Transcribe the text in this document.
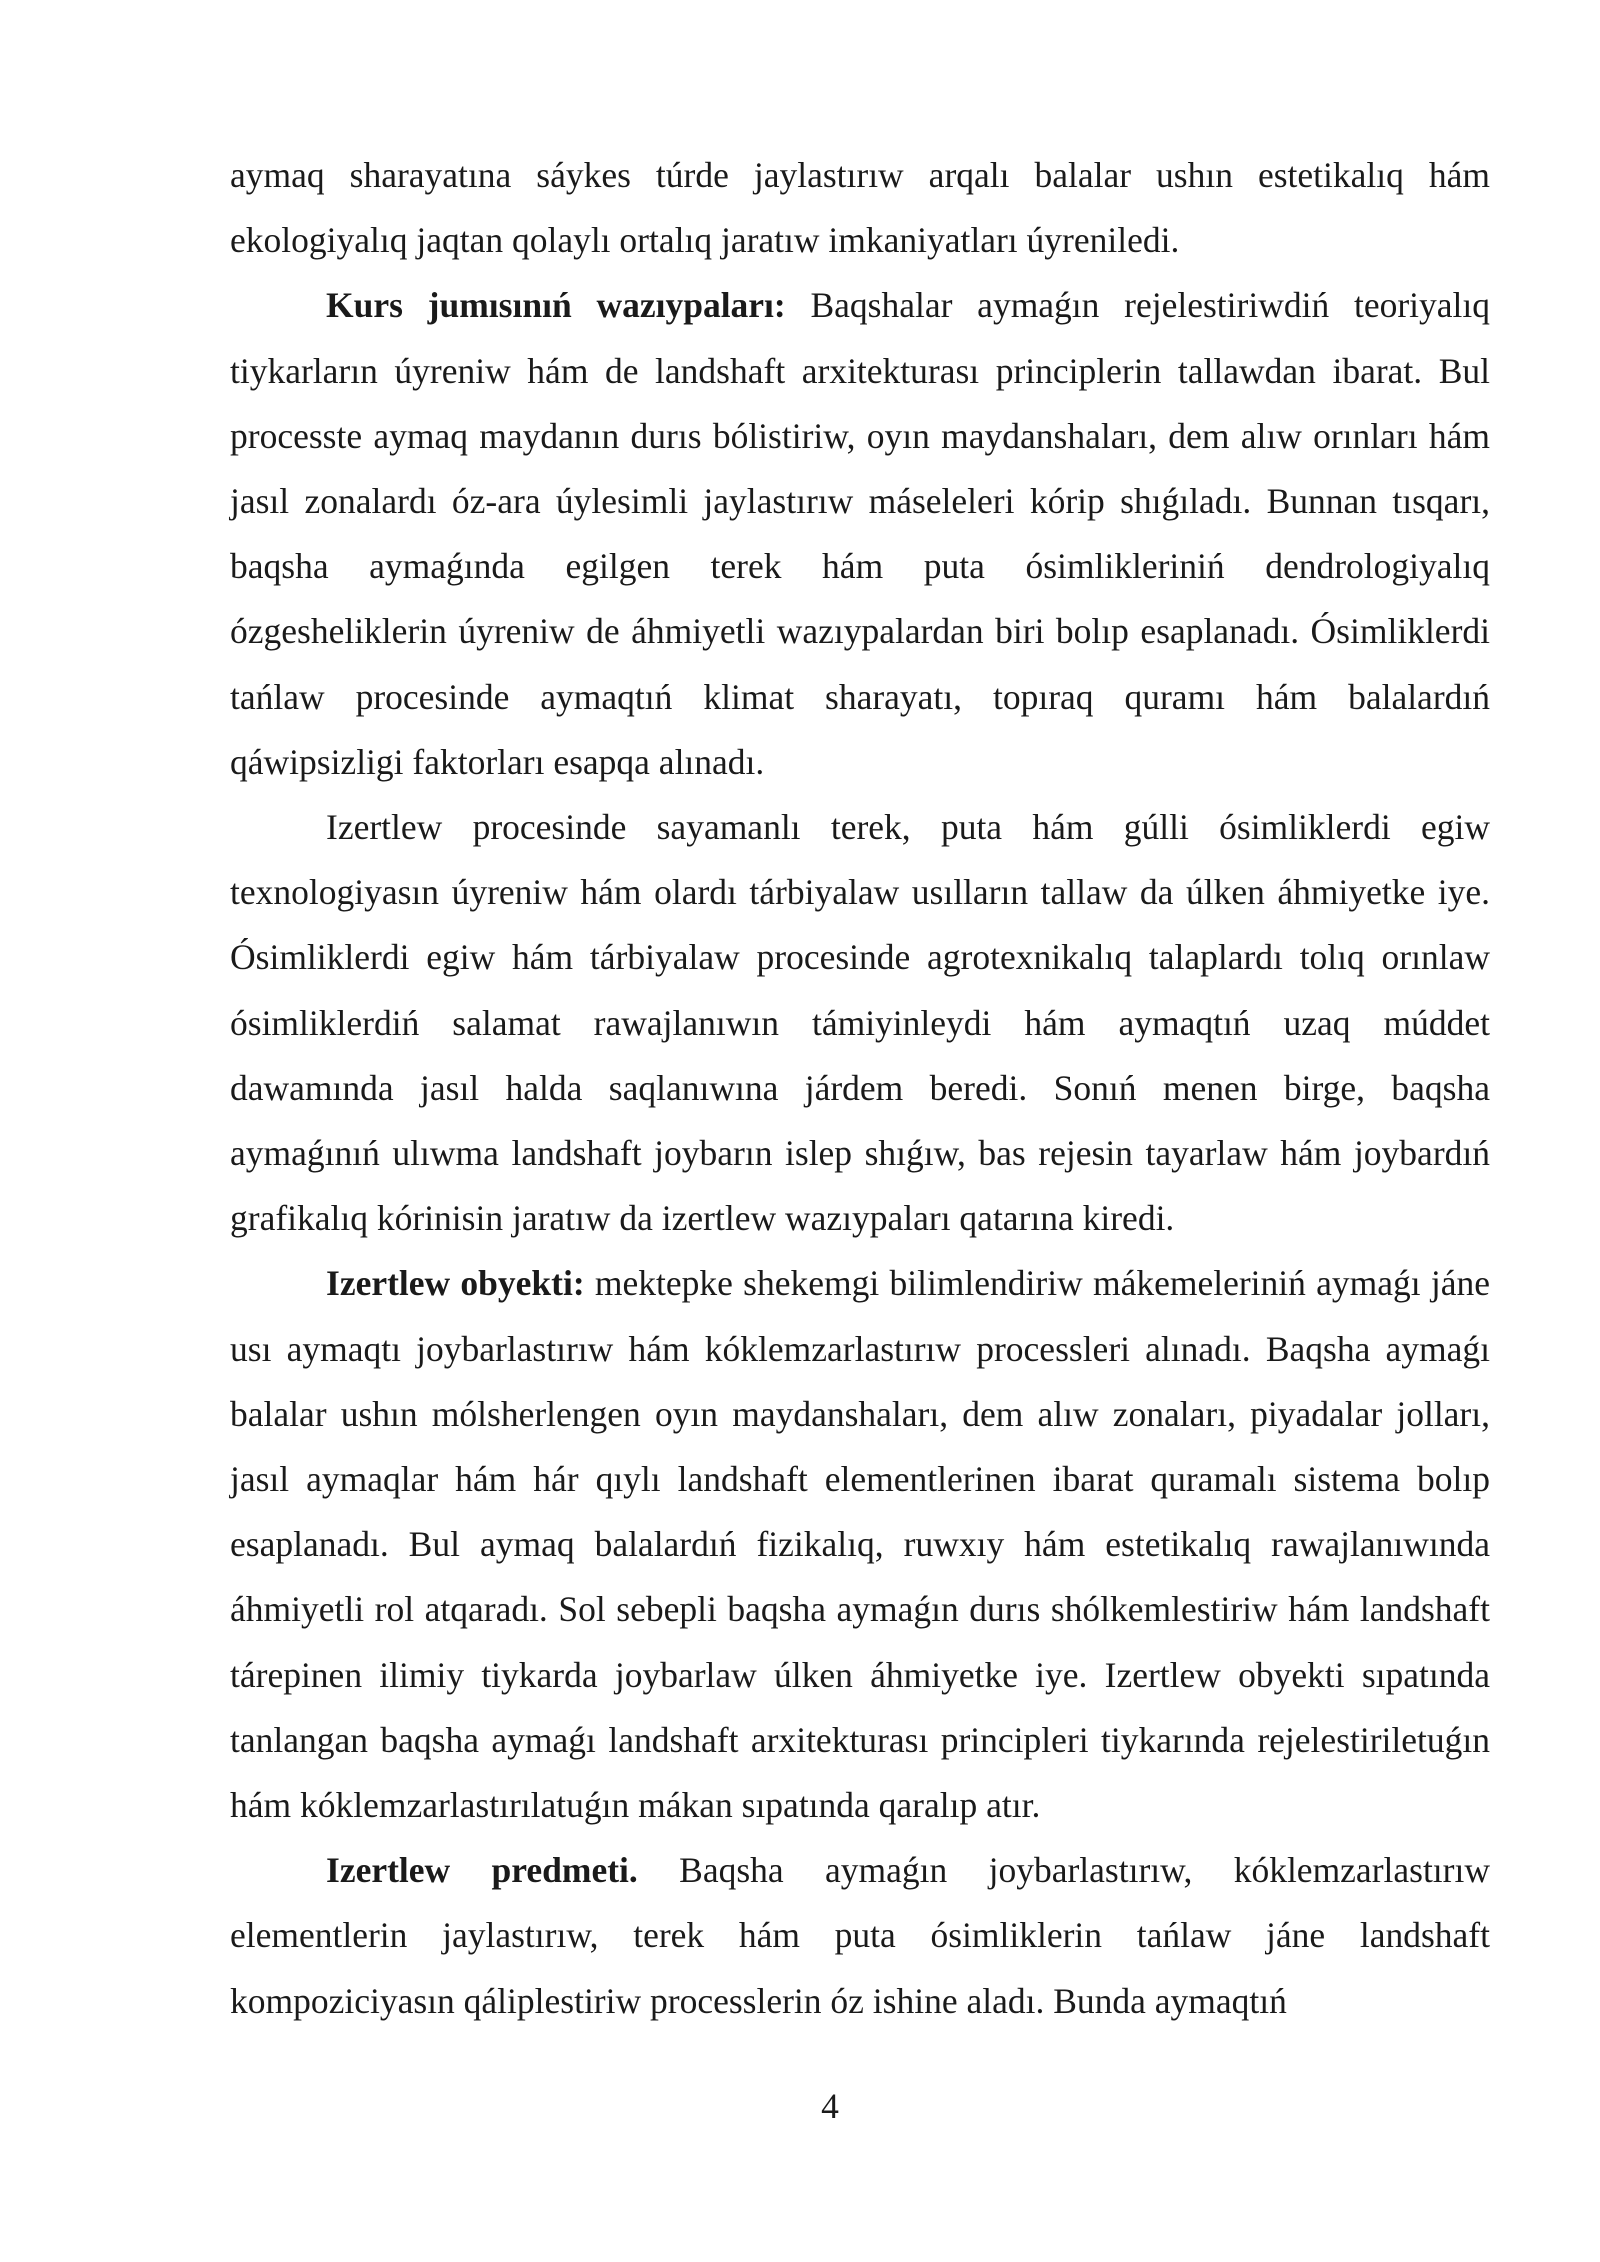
aymaq sharayatına sáykes túrde jaylastırıw arqalı balalar ushın estetikalıq hám ekologiyalıq jaqtan qolaylı ortalıq jaratıw imkaniyatları úyreniledi.

Kurs jumısınıń wazıypaları: Baqshalar aymaǵın rejelestiriwdiń teoriyalıq tiykarların úyreniw hám de landshaft arxitekturası principlerin tallawdan ibarat. Bul processte aymaq maydanın durıs bólistiriw, oyın maydanshaları, dem alıw orınları hám jasıl zonalardı óz-ara úylesimli jaylastırıw máseleleri kórip shıǵıladı. Bunnan tısqarı, baqsha aymaǵında egilgen terek hám puta ósimlikleriniń dendrologiyalıq ózgesheliklerin úyreniw de áhmiyetli wazıypalardan biri bolıp esaplanadı. Ósimliklerdi tańlaw procesinde aymaqtıń klimat sharayatı, topıraq quramı hám balalardıń qáwipsizligi faktorları esapqa alınadı.

Izertlew procesinde sayamanlı terek, puta hám gúlli ósimliklerdi egiw texnologiyasın úyreniw hám olardı tárbiyalaw usılların tallaw da úlken áhmiyetke iye. Ósimliklerdi egiw hám tárbiyalaw procesinde agrotexnikalıq talaplardı tolıq orınlaw ósimliklerdiń salamat rawajlanıwın támiyinleydi hám aymaqtıń uzaq múddet dawamında jasıl halda saqlanıwına járdem beredi. Sonıń menen birge, baqsha aymaǵınıń ulıwma landshaft joybarın islep shıǵıw, bas rejesin tayarlaw hám joybardıń grafikalıq kórinisin jaratıw da izertlew wazıypaları qatarına kiredi.

Izertlew obyekti: mektepke shekemgi bilimlendiriw mákemeleriniń aymaǵı jáne usı aymaqtı joybarlastırıw hám kóklemzarlastırıw processleri alınadı. Baqsha aymaǵı balalar ushın mólsherlengen oyın maydanshaları, dem alıw zonaları, piyadalar jolları, jasıl aymaqlar hám hár qıylı landshaft elementlerinen ibarat quramalı sistema bolıp esaplanadı. Bul aymaq balalardıń fizikalıq, ruwxıy hám estetikalıq rawajlanıwında áhmiyetli rol atqaradı. Sol sebepli baqsha aymaǵın durıs shólkemlestiriw hám landshaft tárepinen ilimiy tiykarda joybarlaw úlken áhmiyetke iye. Izertlew obyekti sıpatında tanlangan baqsha aymaǵı landshaft arxitekturası principleri tiykarında rejelestiriletuǵın hám kóklemzarlastırılatuǵın mákan sıpatında qaralıp atır.

Izertlew predmeti. Baqsha aymaǵın joybarlastırıw, kóklemzarlastırıw elementlerin jaylastırıw, terek hám puta ósimliklerin tańlaw jáne landshaft kompoziciyasın qáliplestiriw processlerin óz ishine aladı. Bunda aymaqtıń

4
